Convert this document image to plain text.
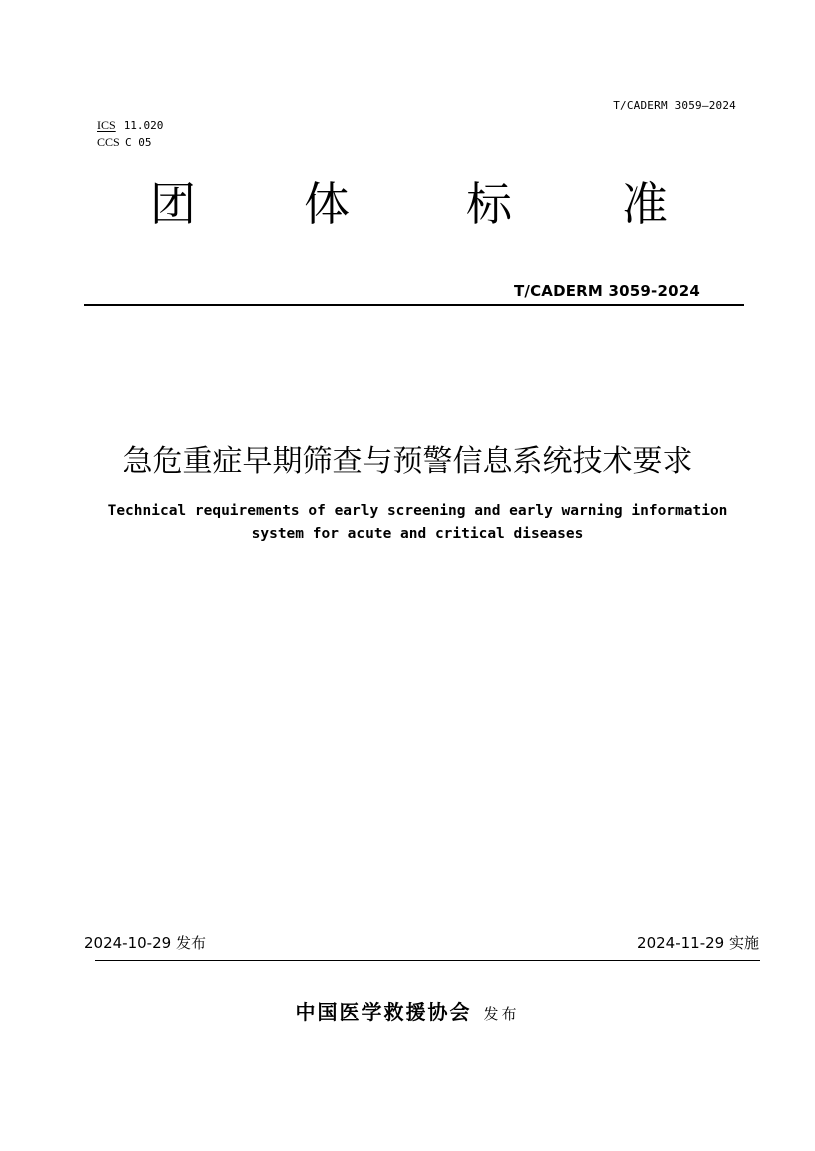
T/CADERM 3059—2024
ICS 11.020
CCS C 05
团 体	标 准
T/CADERM 3059-2024
急危重症早期筛查与预警信息系统技术要求
Technical requirements of early screening and early warning information
system for acute and critical diseases
2024-10-29 发布	2024-11-29 实施
中国医学救援协会 发布
